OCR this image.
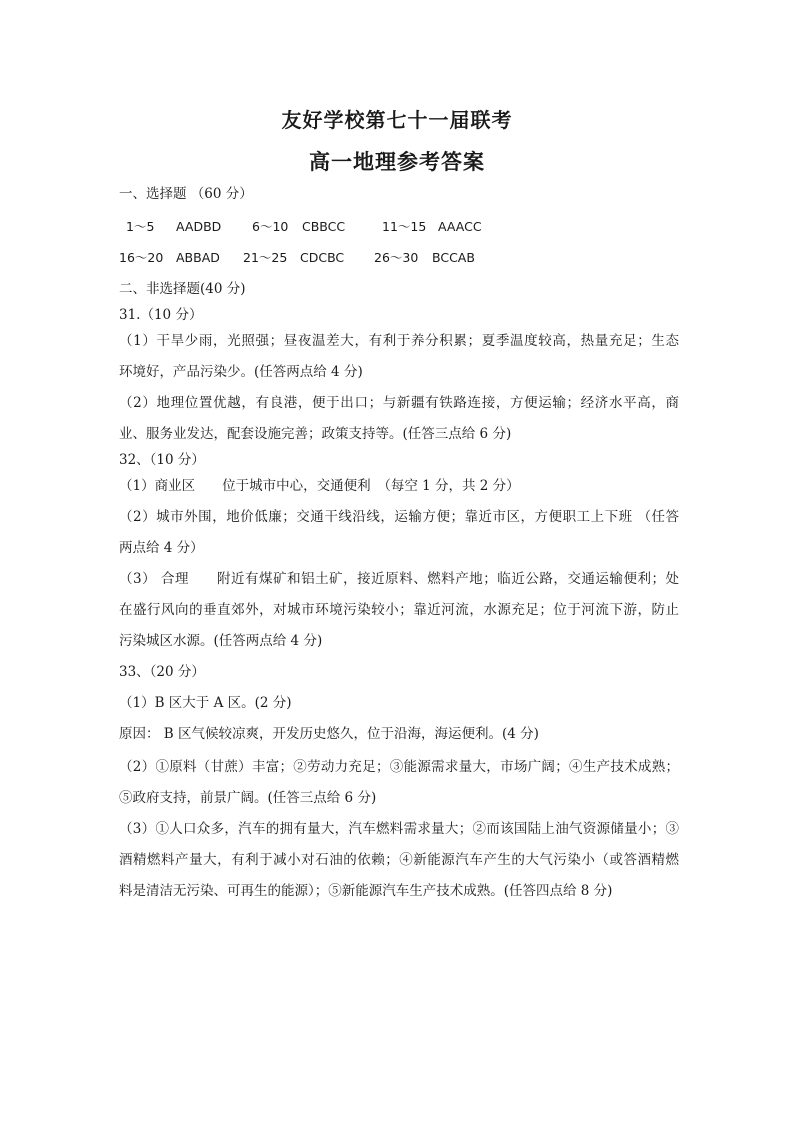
友好学校第七十一届联考
高一地理参考答案
一、选择题 （60 分）
1～5 AADBD 6～10 CBBCC	11～15 AAACC
16～20 ABBAD 21～25 CDCBC 26～30 BCCAB
二、非选择题(40 分)
31.（10 分）
（1）干旱少雨，光照强；昼夜温差大，有利于养分积累；夏季温度较高，热量充足；生态
环境好，产品污染少。(任答两点给 4 分)
（2）地理位置优越，有良港，便于出口；与新疆有铁路连接，方便运输；经济水平高，商
业、服务业发达，配套设施完善；政策支持等。(任答三点给 6 分)
32、（10 分）
（1）商业区　　位于城市中心，交通便利　（每空 1 分，共 2 分）
（2）城市外围，地价低廉；交通干线沿线，运输方便；靠近市区，方便职工上下班 （任答
两点给 4 分）
（3） 合理　　附近有煤矿和铝土矿，接近原料、燃料产地；临近公路，交通运输便利；处
在盛行风向的垂直郊外，对城市环境污染较小；靠近河流，水源充足；位于河流下游，防止
污染城区水源。(任答两点给 4 分)
33、（20 分）
（1）B 区大于 A 区。(2 分)
原因： B 区气候较凉爽，开发历史悠久，位于沿海，海运便利。(4 分)
（2）①原料（甘蔗）丰富；②劳动力充足；③能源需求量大，市场广阔；④生产技术成熟；
⑤政府支持，前景广阔。(任答三点给 6 分)
（3）①人口众多，汽车的拥有量大，汽车燃料需求量大；②而该国陆上油气资源储量小；③
酒精燃料产量大，有利于减小对石油的依赖；④新能源汽车产生的大气污染小（或答酒精燃
料是清洁无污染、可再生的能源）；⑤新能源汽车生产技术成熟。(任答四点给 8 分)
